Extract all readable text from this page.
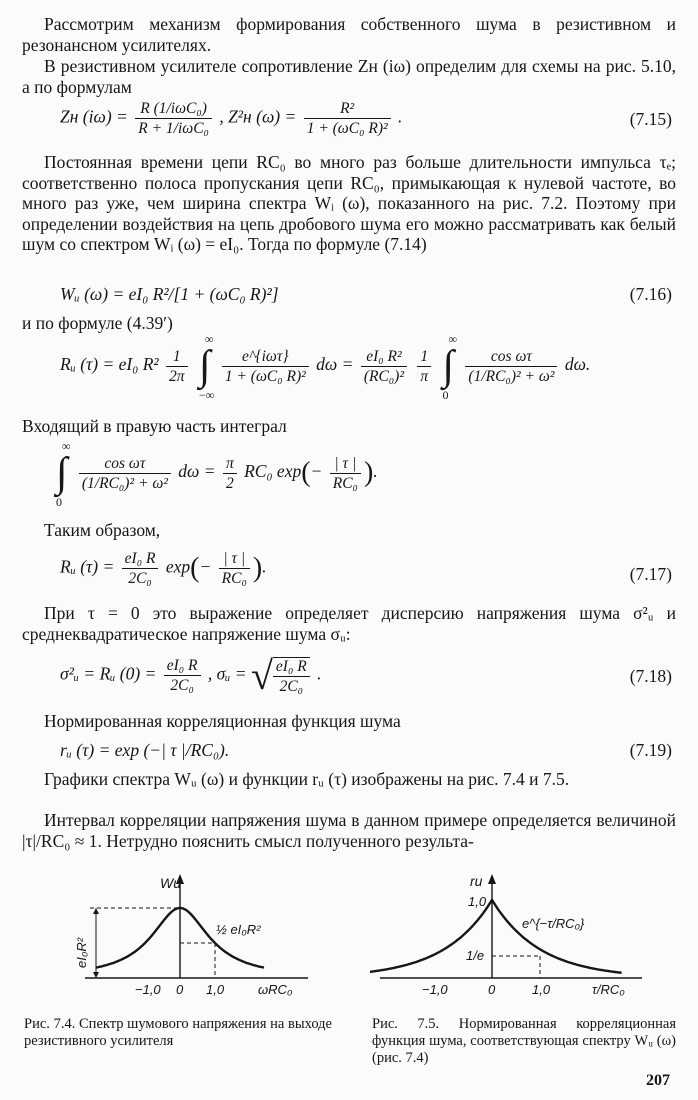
Рассмотрим механизм формирования собственного шума в резистивном и резонансном усилителях.
В резистивном усилителе сопротивление Zн (iω) определим для схемы на рис. 5.10, а по формулам
Zн $(i\omega) = \frac{\text{R (1/iωC₀)}}{\text{R + 1/iωC₀}}$ , Z²н $(\omega) = \frac{\text{R²}}{\text{1 + (ωC₀ R)²}}$ .	(7.15)
Постоянная времени цепи RC₀ во много раз больше длительности импульса τₑ; соответственно полоса пропускания цепи RC₀, примыкающая к нулевой частоте, во много раз уже, чем ширина спектра Wᵢ (ω), показанного на рис. 7.2. Поэтому при определении воздействия на цепь дробового шума его можно рассматривать как белый шум со спектром Wᵢ (ω) = eI₀. Тогда по формуле (7.14)
Wᵤ (ω) = eI₀ R²/[1 + (ωC₀ R)²]	(7.16)
и по формуле (4.39′)
Rᵤ (τ) = eI₀ $R^2 \frac{1}{2\pi}$ ∫
∞
−∞

$\frac{\text{e\textasciicircum{}\{iωτ\}}}{\text{1 + (ωC₀ R)²}}$ $d\omega = \frac{\text{eI₀ R²}}{\text{(RC₀)²}}$
$\frac{1}{\pi}$ ∫
∞
0

$\frac{\text{cos ωτ}}{\text{(1/RC₀)² + ω²}} d\omega$.
Входящий в правую часть интеграл
∫
∞
0

$\frac{\text{cos ωτ}}{\text{(1/RC₀)² + ω²}}$ $d\omega = \frac{\pi}{2} RC_0$ $\exp(- \frac{| \tau |}{\text{RC₀}}$ ).
Таким образом,
Rᵤ $(\tau) = \frac{\text{eI₀ R}}{\text{2C₀}} \exp(- \frac{| \tau |}{\text{RC₀}}$ ).	(7.17)
При τ = 0 это выражение определяет дисперсию напряжения шума σ²ᵤ и среднеквадратическое напряжение шума σᵤ:
σ²ᵤ = Rᵤ $(0) = \frac{\text{eI₀ R}}{\text{2C₀}}$ , σᵤ = √ $\frac{\text{eI₀ R}}{\text{2C₀}}$ .	(7.18)
Нормированная корреляционная функция шума
rᵤ (τ) = exp (−| τ |/RC₀).	(7.19)
Графики спектра Wᵤ (ω) и функции rᵤ (τ) изображены на рис. 7.4 и 7.5.
Интервал корреляции напряжения шума в данном примере определяется величиной |τ|/RC₀ ≈ 1. Нетрудно пояснить смысл полученного результа-
Wu
eI₀R²
½ eI₀R²
−1,0 0 1,0	ωRC₀
ru
1,0
e^{−τ/RC₀}
1/e
−1,0	0	1,0	τ/RC₀
Рис. 7.4. Спектр шумового напряжения на выходе резистивного усилителя
Рис. 7.5. Нормированная корреляционная функция шума, соответствующая спектру Wᵤ (ω) (рис. 7.4)
207
